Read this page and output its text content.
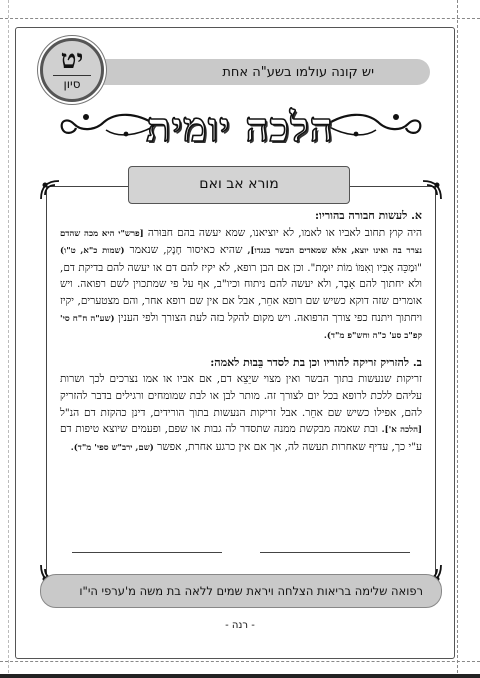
יש קונה עולמו בשע"ה אחת
יט
סיון
הלכה יומית
מורא אב ואם

א. לעשות חבורה בהוריו:
היה קוץ תחוב לאביו או לאמו, לא יוציאנו, שמא יעשה בהם חבּוּרה [פרש"י היא מכה שהדם נצרר בה ואינו יוצא, אלא שמאדים הבשר כנגדו], שהיא כאיסור חָנָק, שנאמר (שמות כ"א, ט"ו) "וּמַכֵּה אָבִיו וְאִמּוֹ מוֹת יוּמָת". וכן אם הבן רופא, לא יקיז להם דם או יעשה להם בדיקת דם, ולא יחתוך להם אֵבֶר, ולא יעשה להם ניתוח וכיו"ב, אף על פי שמתכוין לשם רפואה. ויש אומרים שזה דוקא כשיש שם רופא אחֵר, אבל אם אין שם רופא אחר, והם מצטערים, יקיז ויחתוך ויתנח כפי צורך הרפואה. ויש מקום להקל בזה לעת הצורך ולפי הענין (שע"ה ח"ח סי' קפ"ב סע' כ"ה וחש"פ מ"ד).

ב. להזריק זריקה להוריו וכן בת לסדר בֵּבוּת לאמה:
זריקות שנעשות בתוך הבשר ואין מצוי שיֵצֵא דם, אם אביו או אמו נצרכים לכך ושרות עליהם ללכת לרופא בכל יום לצורך זה. מותר לבן או לבת שמומחים ורגילים בדבר להזריק להם, אפילו כשיש שם אחֵר. אבל זריקות הנעשות בתוך הורידים, דינן כהקזת דם הנ"ל [הלכה א']. ובת שאמה מבקשת ממנה שתסדר לה גבות או שפם, ופעמים שיוצא טיפות דם ע"י כך, עדיף שאחרות תעשה לה, אך אם אין כרגע אחרת, אפשר (שם, ירב"ש ספי' מ"ד).

רפואה שלימה בריאות הצלחה ויראת שמים ללאה בת משה מ'ערפי הי"ו
- רנה -
